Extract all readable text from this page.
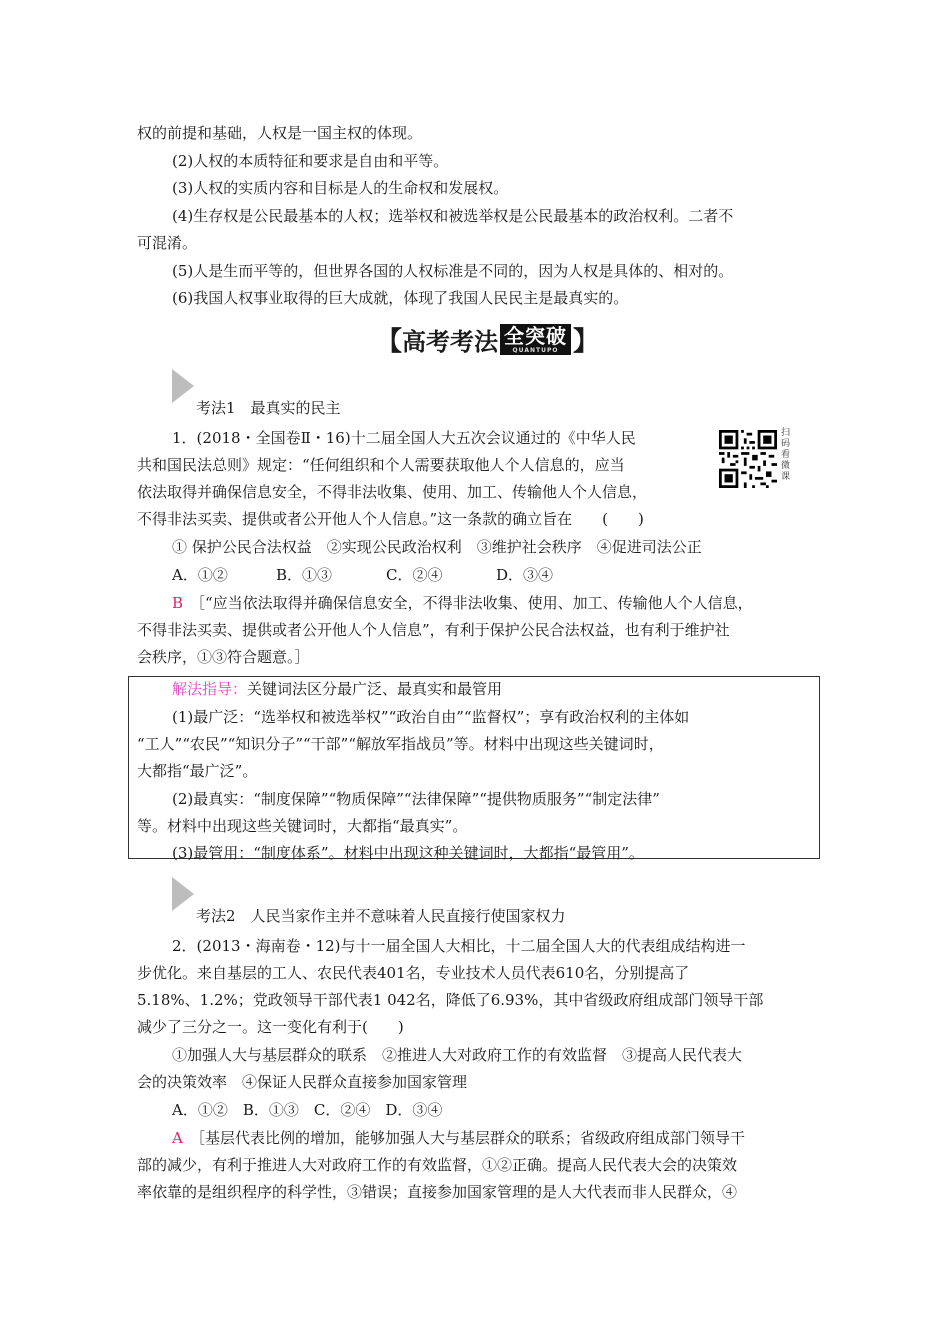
权的前提和基础，人权是一国主权的体现。
(2)人权的本质特征和要求是自由和平等。
(3)人权的实质内容和目标是人的生命权和发展权。
(4)生存权是公民最基本的人权；选举权和被选举权是公民最基本的政治权利。二者不
可混淆。
(5)人是生而平等的，但世界各国的人权标准是不同的，因为人权是具体的、相对的。
(6)我国人权事业取得的巨大成就，体现了我国人民民主是最真实的。
【 高考考法 全突破
QUANTUPO 】
考法1　最真实的民主
1．(2018・全国卷Ⅱ・16)十二届全国人大五次会议通过的《中华人民
共和国民法总则》规定：“任何组织和个人需要获取他人个人信息的，应当
依法取得并确保信息安全，不得非法收集、使用、加工、传输他人个人信息，
不得非法买卖、提供或者公开他人个人信息。”这一条款的确立旨在　　(　　)
扫码看微课
① 保护公民合法权益　②实现公民政治权利　③维护社会秩序　④促进司法公正
A．①②	B．①③	C．②④	D．③④
B ［“应当依法取得并确保信息安全，不得非法收集、使用、加工、传输他人个人信息，
不得非法买卖、提供或者公开他人个人信息”，有利于保护公民合法权益，也有利于维护社
会秩序，①③符合题意。］
解法指导：关键词法区分最广泛、最真实和最管用
(1)最广泛：“选举权和被选举权”“政治自由”“监督权”；享有政治权利的主体如
“工人”“农民”“知识分子”“干部”“解放军指战员”等。材料中出现这些关键词时，
大都指“最广泛”。
(2)最真实：“制度保障”“物质保障”“法律保障”“提供物质服务”“制定法律”
等。材料中出现这些关键词时，大都指“最真实”。
(3)最管用：“制度体系”。材料中出现这种关键词时，大都指“最管用”。
考法2　人民当家作主并不意味着人民直接行使国家权力
2．(2013・海南卷・12)与十一届全国人大相比，十二届全国人大的代表组成结构进一
步优化。来自基层的工人、农民代表401名，专业技术人员代表610名，分别提高了
5.18%、1.2%；党政领导干部代表1 042名，降低了6.93%，其中省级政府组成部门领导干部
减少了三分之一。这一变化有利于(　　)
①加强人大与基层群众的联系　②推进人大对政府工作的有效监督　③提高人民代表大
会的决策效率　④保证人民群众直接参加国家管理
A．①②　B．①③　C．②④　D．③④
A ［基层代表比例的增加，能够加强人大与基层群众的联系；省级政府组成部门领导干
部的减少，有利于推进人大对政府工作的有效监督，①②正确。提高人民代表大会的决策效
率依靠的是组织程序的科学性，③错误；直接参加国家管理的是人大代表而非人民群众，④
